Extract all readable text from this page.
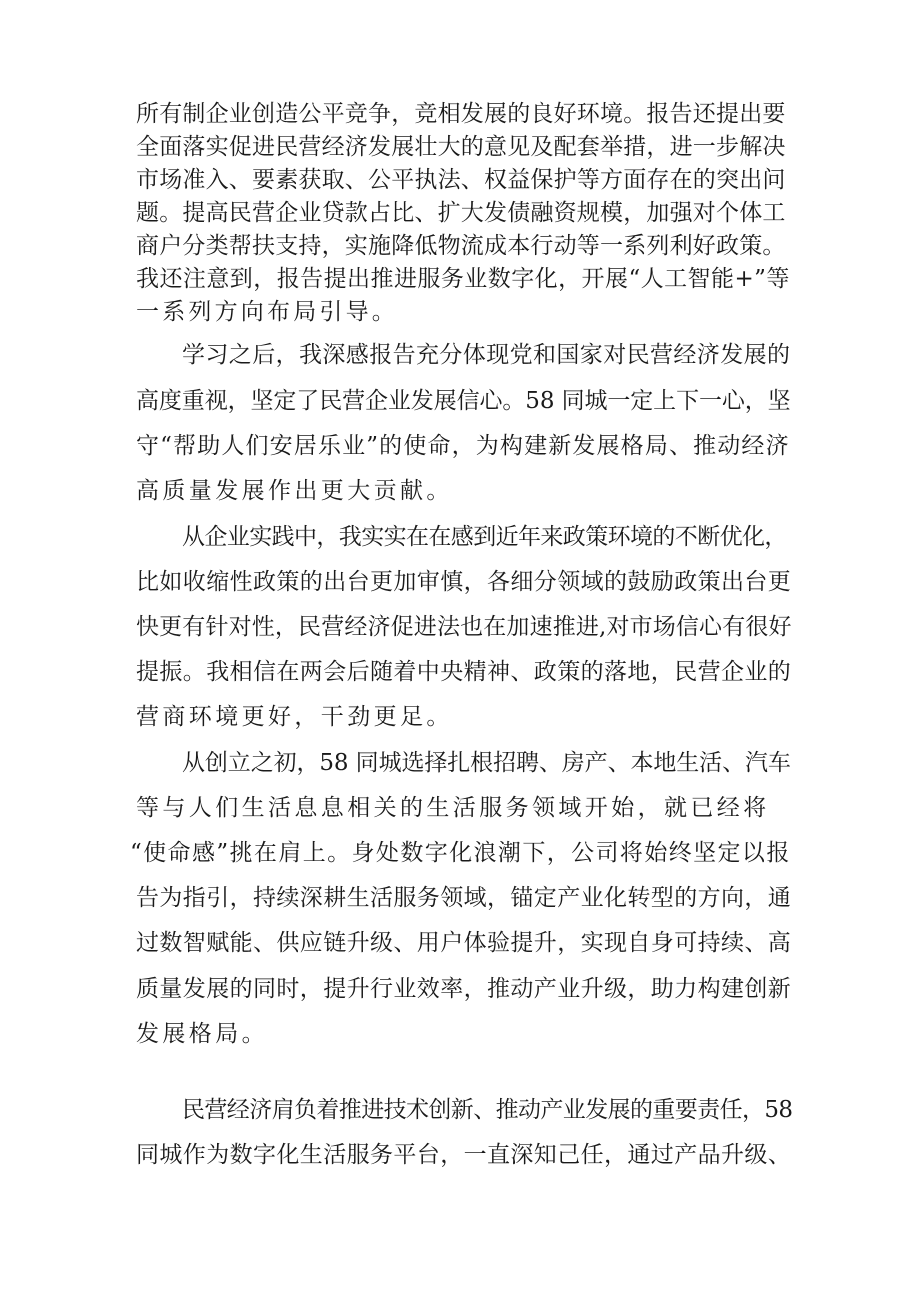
所有制企业创造公平竞争，竞相发展的良好环境。报告还提出要
全面落实促进民营经济发展壮大的意见及配套举措，进一步解决
市场准入、要素获取、公平执法、权益保护等方面存在的突出问
题。提高民营企业贷款占比、扩大发债融资规模，加强对个体工
商户分类帮扶支持，实施降低物流成本行动等一系列利好政策。
我还注意到，报告提出推进服务业数字化，开展“人工智能+”等
一系列方向布局引导。
学习之后，我深感报告充分体现党和国家对民营经济发展的
高度重视，坚定了民营企业发展信心。58 同城一定上下一心，坚
守“帮助人们安居乐业”的使命，为构建新发展格局、推动经济
高质量发展作出更大贡献。
从企业实践中，我实实在在感到近年来政策环境的不断优化，
比如收缩性政策的出台更加审慎，各细分领域的鼓励政策出台更
快更有针对性，民营经济促进法也在加速推进,对市场信心有很好
提振。我相信在两会后随着中央精神、政策的落地，民营企业的
营商环境更好，干劲更足。
从创立之初，58 同城选择扎根招聘、房产、本地生活、汽车
等与人们生活息息相关的生活服务领域开始，就已经将
“使命感”挑在肩上。身处数字化浪潮下，公司将始终坚定以报
告为指引，持续深耕生活服务领域，锚定产业化转型的方向，通
过数智赋能、供应链升级、用户体验提升，实现自身可持续、高
质量发展的同时，提升行业效率，推动产业升级，助力构建创新
发展格局。
民营经济肩负着推进技术创新、推动产业发展的重要责任，58
同城作为数字化生活服务平台，一直深知己任，通过产品升级、
